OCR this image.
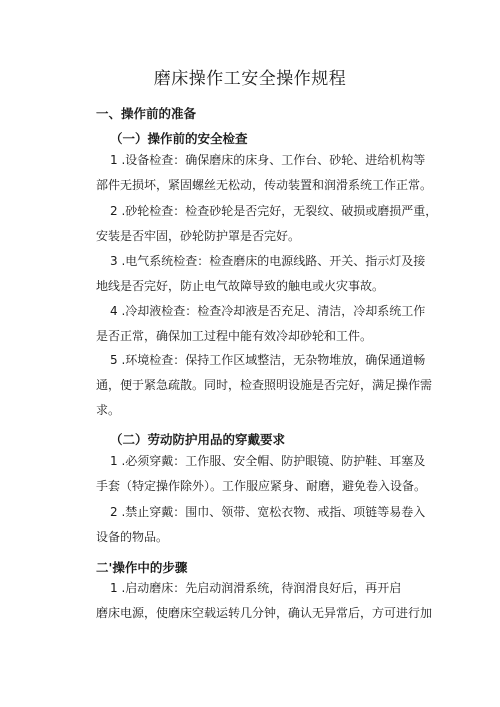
磨床操作工安全操作规程
一、操作前的准备
（一）操作前的安全检查

1 .设备检查：确保磨床的床身、工作台、砂轮、进给机构等
部件无损坏，紧固螺丝无松动，传动装置和润滑系统工作正常。

2 .砂轮检查：检查砂轮是否完好，无裂纹、破损或磨损严重，
安装是否牢固，砂轮防护罩是否完好。

3 .电气系统检查：检查磨床的电源线路、开关、指示灯及接
地线是否完好，防止电气故障导致的触电或火灾事故。

4 .冷却液检查：检查冷却液是否充足、清洁，冷却系统工作
是否正常，确保加工过程中能有效冷却砂轮和工件。

5 .环境检查：保持工作区域整洁，无杂物堆放，确保通道畅
通，便于紧急疏散。同时，检查照明设施是否完好，满足操作需
求。

（二）劳动防护用品的穿戴要求

1 .必须穿戴：工作服、安全帽、防护眼镜、防护鞋、耳塞及
手套（特定操作除外）。工作服应紧身、耐磨，避免卷入设备。

2 .禁止穿戴：围巾、领带、宽松衣物、戒指、项链等易卷入
设备的物品。

二'操作中的步骤

1 .启动磨床：先启动润滑系统，待润滑良好后，再开启
磨床电源，使磨床空载运转几分钟，确认无异常后，方可进行加
